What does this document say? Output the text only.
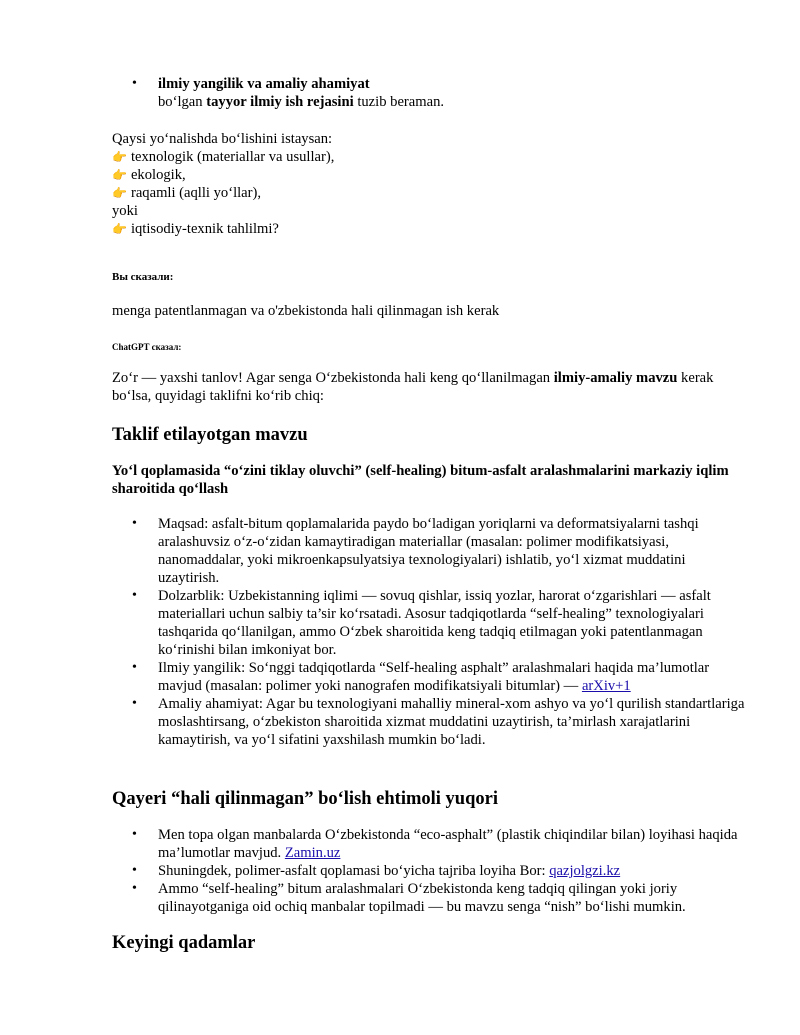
• ilmiy yangilik va amaliy ahamiyat
bo‘lgan tayyor ilmiy ish rejasini tuzib beraman.
Qaysi yo‘nalishda bo‘lishini istaysan:
👉 texnologik (materiallar va usullar),
👉 ekologik,
👉 raqamli (aqlli yo‘llar),
yoki
👉 iqtisodiy-texnik tahlilmi?
Вы сказали:
menga patentlanmagan va o'zbekistonda hali qilinmagan ish kerak
ChatGPT сказал:
Zo‘r — yaxshi tanlov! Agar senga O‘zbekistonda hali keng qo‘llanilmagan ilmiy-amaliy mavzu kerak bo‘lsa, quyidagi taklifni ko‘rib chiq:
Taklif etilayotgan mavzu
Yo‘l qoplamasida “o‘zini tiklay oluvchi” (self-healing) bitum-asfalt aralashmalarini markaziy iqlim sharoitida qo‘llash
• Maqsad: asfalt-bitum qoplamalarida paydo bo‘ladigan yoriqlarni va deformatsiyalarni tashqi aralashuvsiz o‘z-o‘zidan kamaytiradigan materiallar (masalan: polimer modifikatsiyasi, nanomaddalar, yoki mikroenkapsulyatsiya texnologiyalari) ishlatib, yo‘l xizmat muddatini uzaytirish.
• Dolzarblik: Uzbekistanning iqlimi — sovuq qishlar, issiq yozlar, harorat o‘zgarishlari — asfalt materiallari uchun salbiy ta’sir ko‘rsatadi. Asosur tadqiqotlarda “self-healing” texnologiyalari tashqarida qo‘llanilgan, ammo O‘zbek sharoitida keng tadqiq etilmagan yoki patentlanmagan ko‘rinishi bilan imkoniyat bor.
• Ilmiy yangilik: So‘nggi tadqiqotlarda “Self-healing asphalt” aralashmalari haqida ma’lumotlar mavjud (masalan: polimer yoki nanografen modifikatsiyali bitumlar) — arXiv+1
• Amaliy ahamiyat: Agar bu texnologiyani mahalliy mineral-xom ashyo va yo‘l qurilish standartlariga moslashtirsang, o‘zbekiston sharoitida xizmat muddatini uzaytirish, ta’mirlash xarajatlarini kamaytirish, va yo‘l sifatini yaxshilash mumkin bo‘ladi.
Qayeri “hali qilinmagan” bo‘lish ehtimoli yuqori
• Men topa olgan manbalarda O‘zbekistonda “eco-asphalt” (plastik chiqindilar bilan) loyihasi haqida ma’lumotlar mavjud. Zamin.uz
• Shuningdek, polimer-asfalt qoplamasi bo‘yicha tajriba loyiha Bor: qazjolgzi.kz
• Ammo “self-healing” bitum aralashmalari O‘zbekistonda keng tadqiq qilingan yoki joriy qilinayotganiga oid ochiq manbalar topilmadi — bu mavzu senga “nish” bo‘lishi mumkin.
Keyingi qadamlar
